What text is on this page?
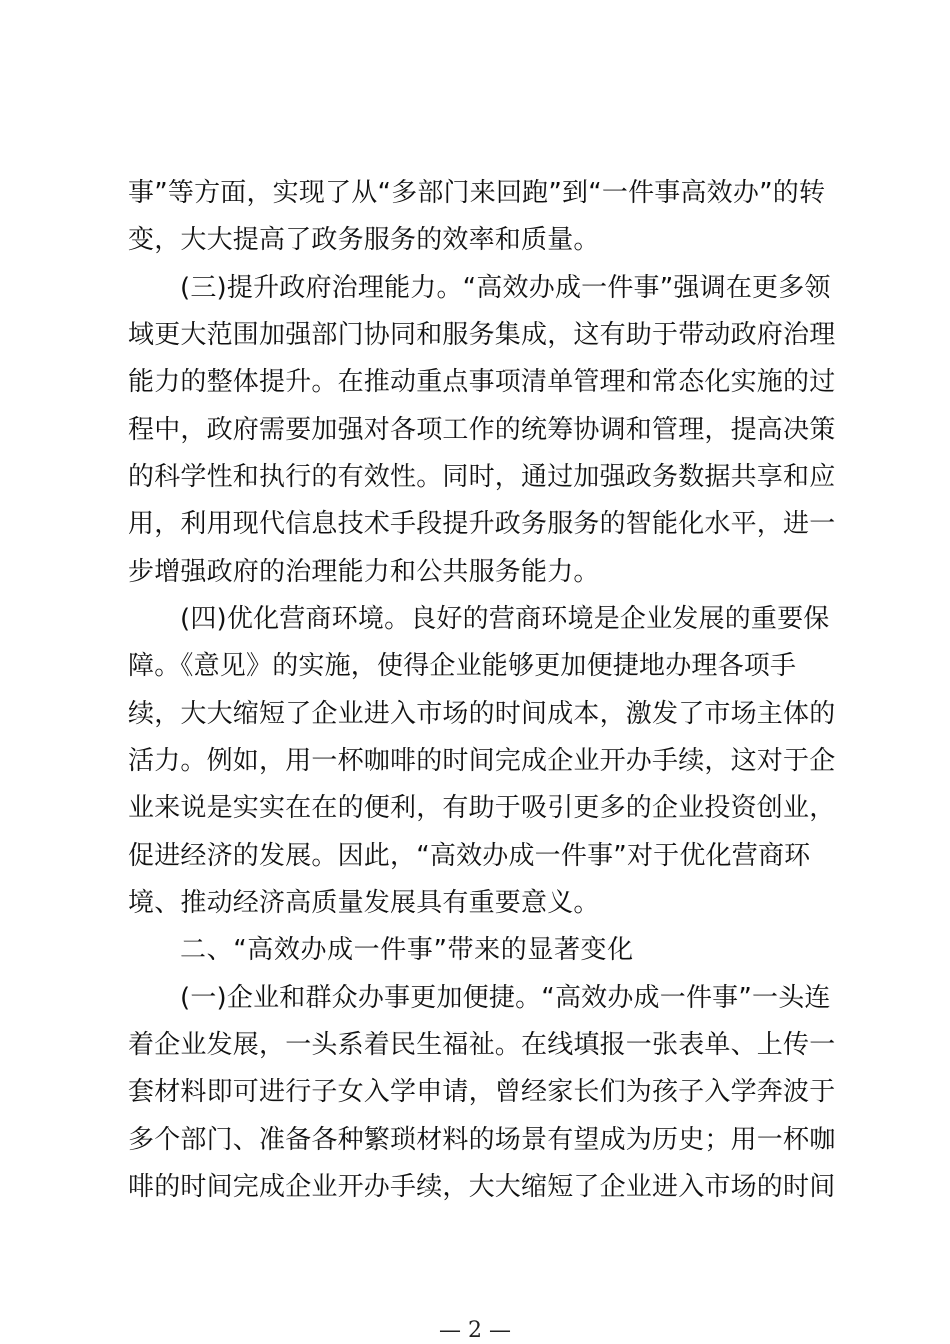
事”等方面，实现了从“多部门来回跑”到“一件事高效办”的转
变，大大提高了政务服务的效率和质量。
(三)提升政府治理能力。“高效办成一件事”强调在更多领
域更大范围加强部门协同和服务集成，这有助于带动政府治理
能力的整体提升。在推动重点事项清单管理和常态化实施的过
程中，政府需要加强对各项工作的统筹协调和管理，提高决策
的科学性和执行的有效性。同时，通过加强政务数据共享和应
用，利用现代信息技术手段提升政务服务的智能化水平，进一
步增强政府的治理能力和公共服务能力。
(四)优化营商环境。良好的营商环境是企业发展的重要保
障。《意见》的实施，使得企业能够更加便捷地办理各项手
续，大大缩短了企业进入市场的时间成本，激发了市场主体的
活力。例如，用一杯咖啡的时间完成企业开办手续，这对于企
业来说是实实在在的便利，有助于吸引更多的企业投资创业，
促进经济的发展。因此，“高效办成一件事”对于优化营商环
境、推动经济高质量发展具有重要意义。
二、“高效办成一件事”带来的显著变化
(一)企业和群众办事更加便捷。“高效办成一件事”一头连
着企业发展，一头系着民生福祉。在线填报一张表单、上传一
套材料即可进行子女入学申请，曾经家长们为孩子入学奔波于
多个部门、准备各种繁琐材料的场景有望成为历史；用一杯咖
啡的时间完成企业开办手续，大大缩短了企业进入市场的时间
— 2 —
